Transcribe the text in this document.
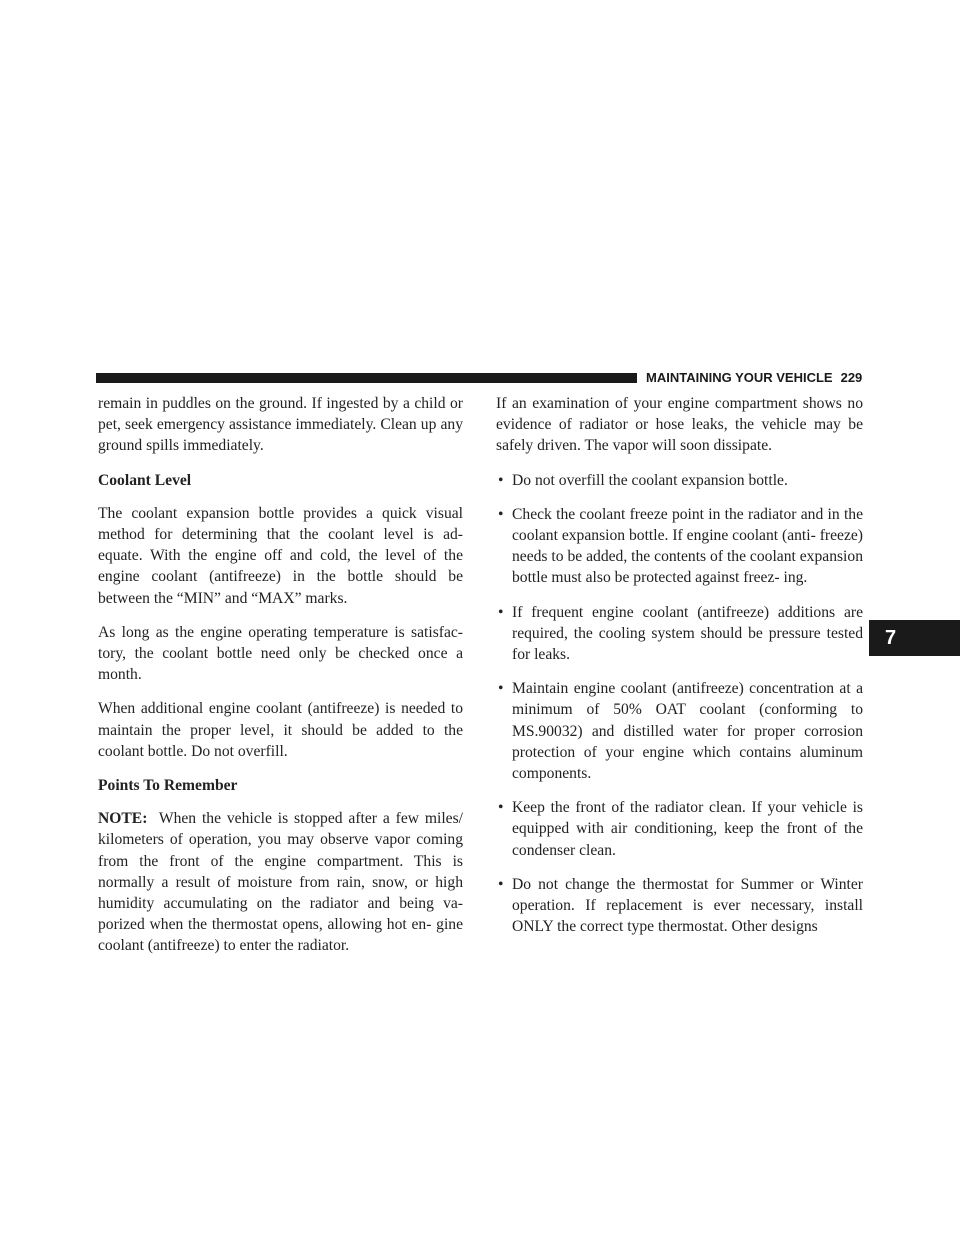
MAINTAINING YOUR VEHICLE 229

remain in puddles on the ground. If ingested by a child or pet, seek emergency assistance immediately. Clean up any ground spills immediately.

Coolant Level

The coolant expansion bottle provides a quick visual method for determining that the coolant level is ad- equate. With the engine off and cold, the level of the engine coolant (antifreeze) in the bottle should be between the “MIN” and “MAX” marks.

As long as the engine operating temperature is satisfac- tory, the coolant bottle need only be checked once a month.

When additional engine coolant (antifreeze) is needed to maintain the proper level, it should be added to the coolant bottle. Do not overfill.

Points To Remember

NOTE: When the vehicle is stopped after a few miles/ kilometers of operation, you may observe vapor coming from the front of the engine compartment. This is normally a result of moisture from rain, snow, or high humidity accumulating on the radiator and being va- porized when the thermostat opens, allowing hot en- gine coolant (antifreeze) to enter the radiator.

If an examination of your engine compartment shows no evidence of radiator or hose leaks, the vehicle may be safely driven. The vapor will soon dissipate.

• Do not overfill the coolant expansion bottle.
• Check the coolant freeze point in the radiator and in the coolant expansion bottle. If engine coolant (anti- freeze) needs to be added, the contents of the coolant expansion bottle must also be protected against freez- ing.
• If frequent engine coolant (antifreeze) additions are required, the cooling system should be pressure tested for leaks.
• Maintain engine coolant (antifreeze) concentration at a minimum of 50% OAT coolant (conforming to MS.90032) and distilled water for proper corrosion protection of your engine which contains aluminum components.
• Keep the front of the radiator clean. If your vehicle is equipped with air conditioning, keep the front of the condenser clean.
• Do not change the thermostat for Summer or Winter operation. If replacement is ever necessary, install ONLY the correct type thermostat. Other designs
7
